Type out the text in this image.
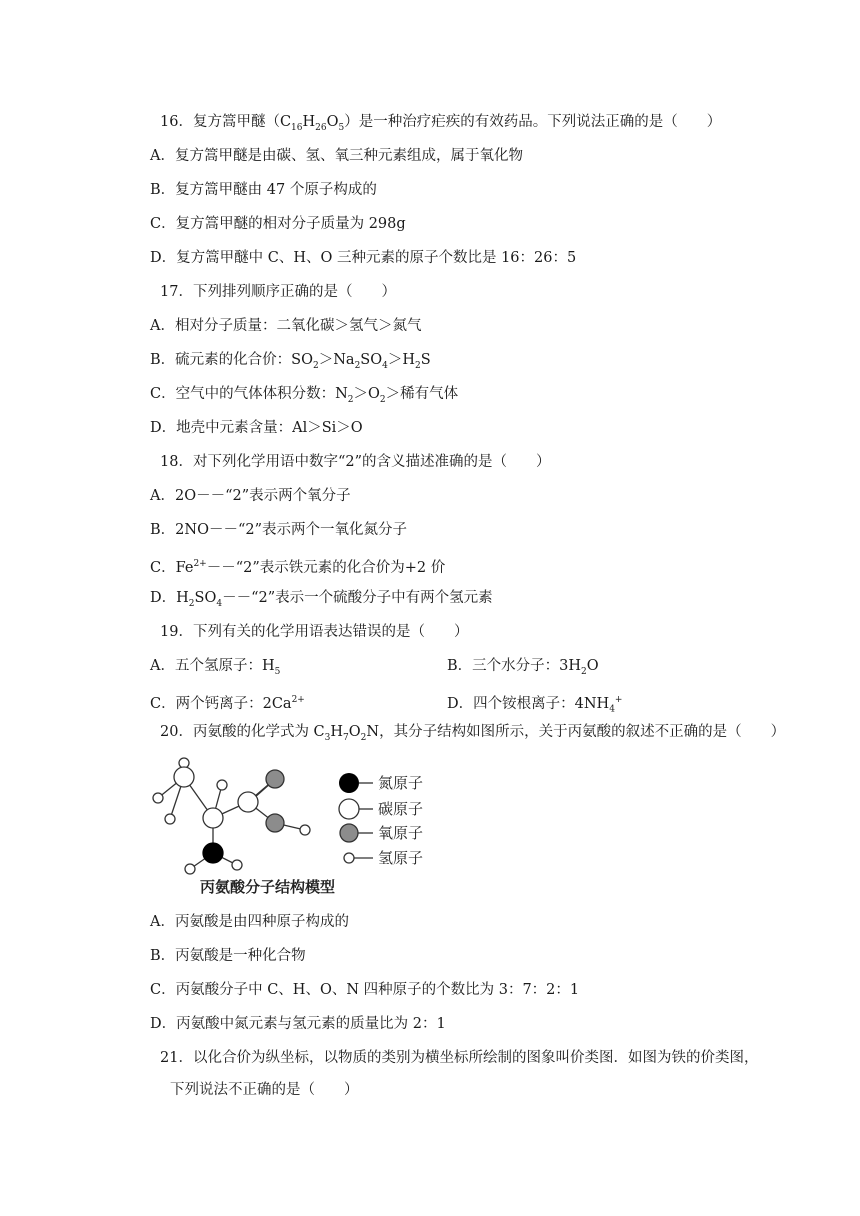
16．复方篙甲醚$(C_{16}H_{26}O_5)$是一种治疗疟疾的有效药品。下列说法正确的是（　　）
A．复方篙甲醚是由碳、氢、氧三种元素组成，属于氧化物
B．复方篙甲醚由 47 个原子构成的
C．复方篙甲醚的相对分子质量为 298g
D．复方篙甲醚中 C、H、O 三种元素的原子个数比是 16：26：5
17．下列排列顺序正确的是（　　）
A．相对分子质量：二氧化碳＞氢气＞氮气
B．硫元素的化合价：$SO_2>Na_2SO_4>H_2S$
C．空气中的气体体积分数：$N_2>O_2>$稀有气体
D．地壳中元素含量：Al＞Si＞O
18．对下列化学用语中数字“2”的含义描述准确的是（　　）
A．2O－－“2”表示两个氧分子
B．2NO－－“2”表示两个一氧化氮分子
C．$Fe^{2+}--“2$”表示铁元素的化合价为+2 价
D．$H_2SO_4--“2$”表示一个硫酸分子中有两个氢元素
19．下列有关的化学用语表达错误的是（　　）
A．五个氢原子：$H_5$	B．三个水分子：$3H_2O$
C．两个钙离子：$2Ca^{2+}$	D．四个铵根离子：$4NH_4^+$
20．丙氨酸的化学式为 $C_3H_7O_2N$，其分子结构如图所示，关于丙氨酸的叙述不正确的是（　　）
氮原子
碳原子
氧原子
氢原子
丙氨酸分子结构模型
A．丙氨酸是由四种原子构成的
B．丙氨酸是一种化合物
C．丙氨酸分子中 C、H、O、N 四种原子的个数比为 3：7：2：1
D．丙氨酸中氮元素与氢元素的质量比为 2：1
21．以化合价为纵坐标，以物质的类别为横坐标所绘制的图象叫价类图．如图为铁的价类图，
下列说法不正确的是（　　）
